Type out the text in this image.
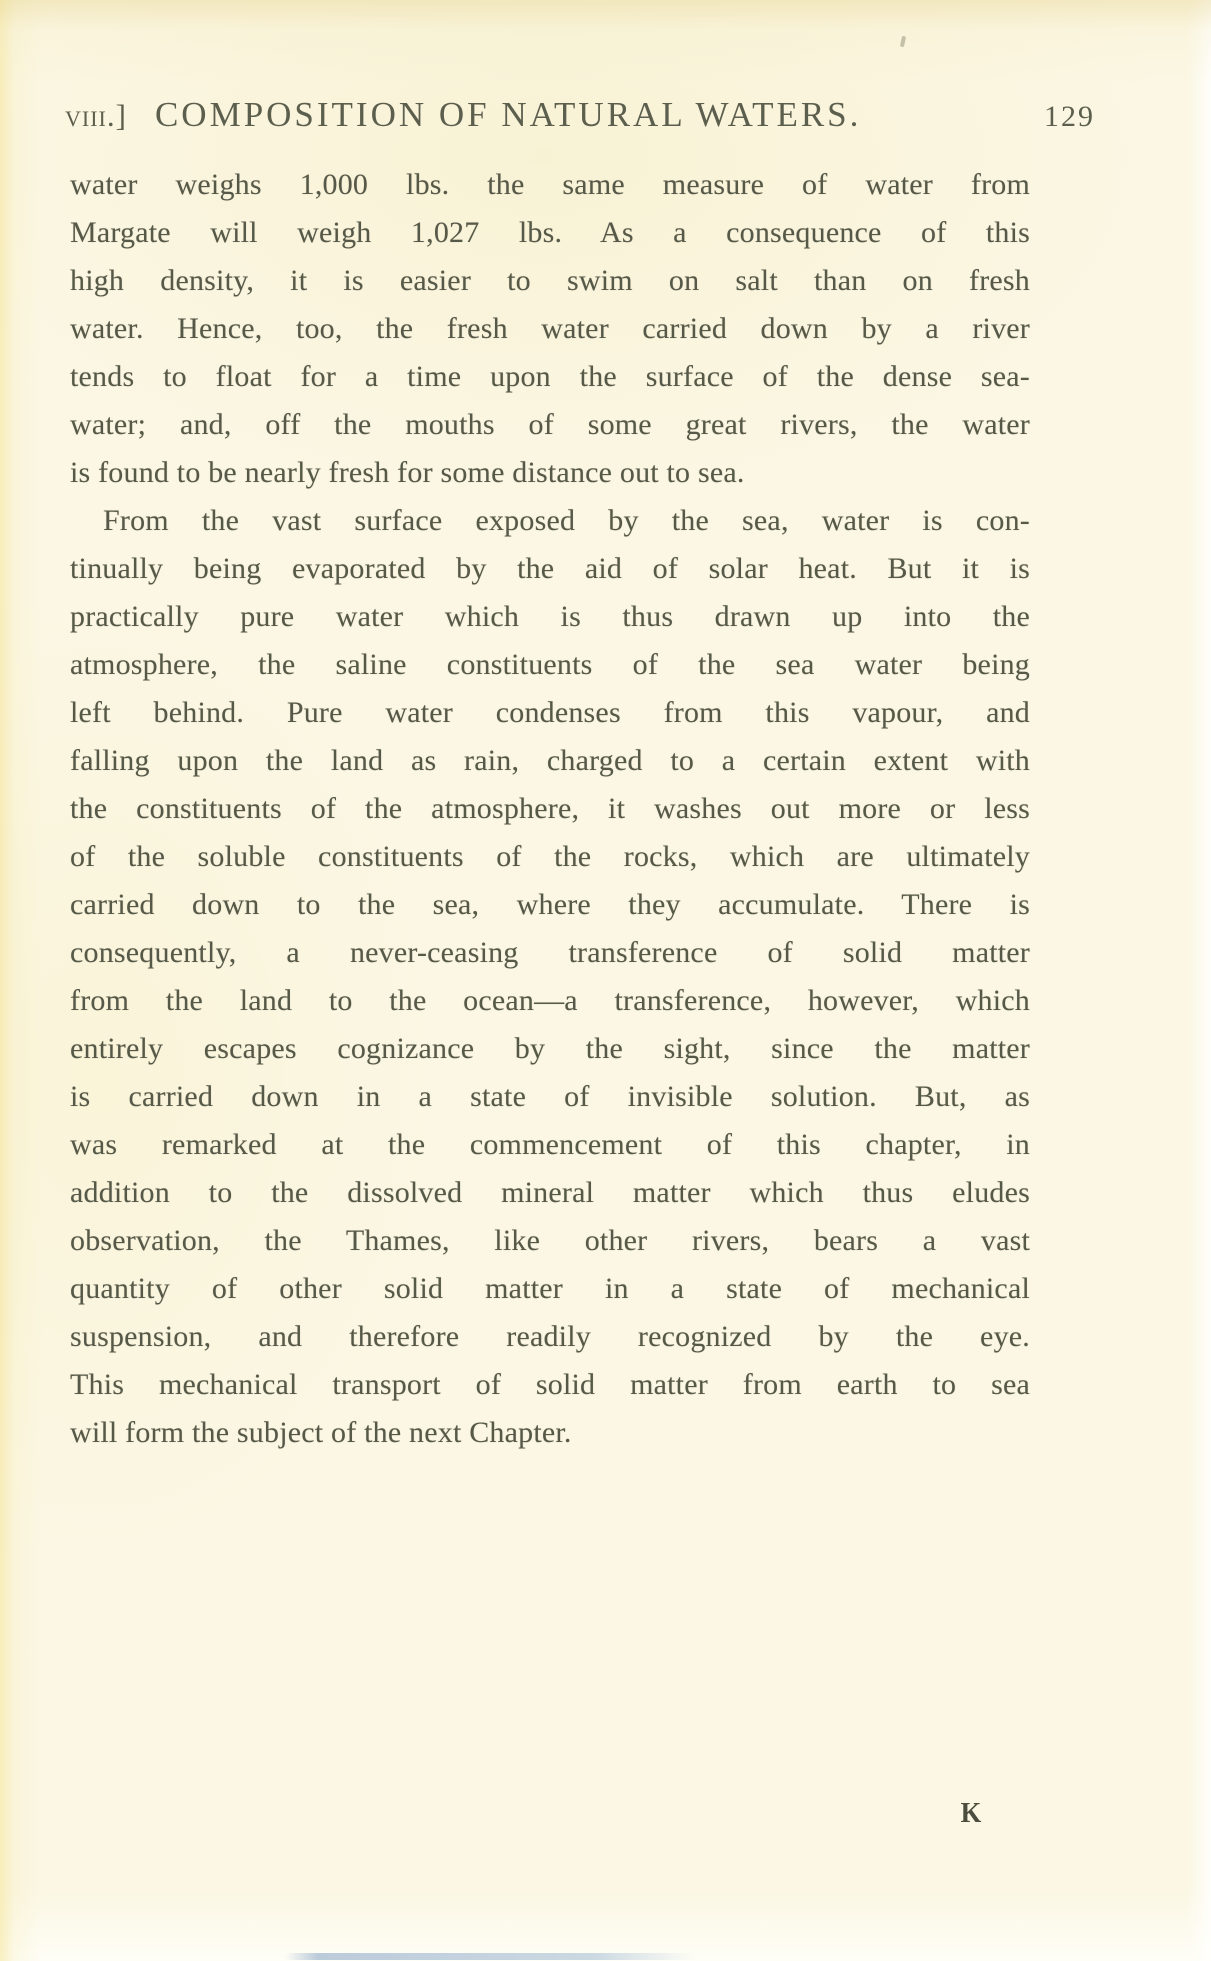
viii.] COMPOSITION OF NATURAL WATERS.	129
water weighs 1,000 lbs. the same measure of water from
Margate will weigh 1,027 lbs. As a consequence of this
high density, it is easier to swim on salt than on fresh
water. Hence, too, the fresh water carried down by a river
tends to float for a time upon the surface of the dense sea-
water; and, off the mouths of some great rivers, the water
is found to be nearly fresh for some distance out to sea.
From the vast surface exposed by the sea, water is con-
tinually being evaporated by the aid of solar heat. But it is
practically pure water which is thus drawn up into the
atmosphere, the saline constituents of the sea water being
left behind. Pure water condenses from this vapour, and
falling upon the land as rain, charged to a certain extent with
the constituents of the atmosphere, it washes out more or less
of the soluble constituents of the rocks, which are ultimately
carried down to the sea, where they accumulate. There is
consequently, a never-ceasing transference of solid matter
from the land to the ocean—a transference, however, which
entirely escapes cognizance by the sight, since the matter
is carried down in a state of invisible solution. But, as
was remarked at the commencement of this chapter, in
addition to the dissolved mineral matter which thus eludes
observation, the Thames, like other rivers, bears a vast
quantity of other solid matter in a state of mechanical
suspension, and therefore readily recognized by the eye.
This mechanical transport of solid matter from earth to sea
will form the subject of the next Chapter.
K
